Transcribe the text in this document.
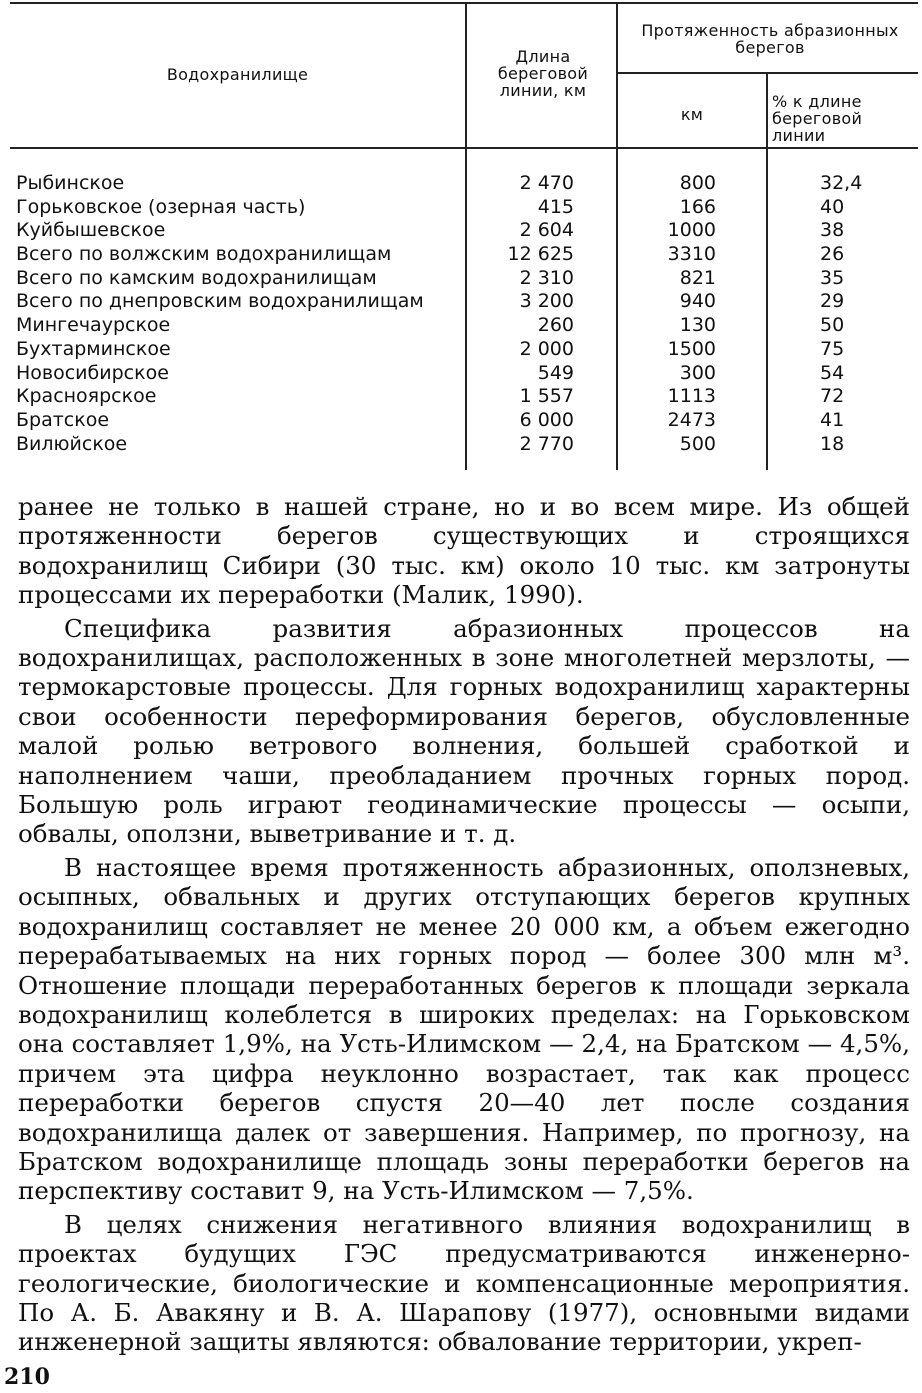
Водохранилище
Длина береговой линии, км
Протяженность абразионных берегов
км
% к длине береговой линии
Рыбинское	2 470	800	32,4
Горьковское (озерная часть)	415	166	40
Куйбышевское	2 604	1000	38
Всего по волжским водохранилищам	12 625	3310	26
Всего по камским водохранилищам	2 310	821	35
Всего по днепровским водохранилищам	3 200	940	29
Мингечаурское	260	130	50
Бухтарминское	2 000	1500	75
Новосибирское	549	300	54
Красноярское	1 557	1113	72
Братское	6 000	2473	41
Вилюйское	2 770	500	18

ранее не только в нашей стране, но и во всем мире. Из общей протяженности берегов существующих и строящихся водохранилищ Сибири (30 тыс. км) около 10 тыс. км затронуты процессами их переработки (Малик, 1990).

Специфика развития абразионных процессов на водохранилищах, расположенных в зоне многолетней мерзлоты, — термокарстовые процессы. Для горных водохранилищ характерны свои особенности переформирования берегов, обусловленные малой ролью ветрового волнения, большей сработкой и наполнением чаши, преобладанием прочных горных пород. Большую роль играют геодинамические процессы — осыпи, обвалы, оползни, выветривание и т. д.

В настоящее время протяженность абразионных, оползневых, осыпных, обвальных и других отступающих берегов крупных водохранилищ составляет не менее 20 000 км, а объем ежегодно перерабатываемых на них горных пород — более 300 млн м³. Отношение площади переработанных берегов к площади зеркала водохранилищ колеблется в широких пределах: на Горьковском она составляет 1,9%, на Усть-Илимском — 2,4, на Братском — 4,5%, причем эта цифра неуклонно возрастает, так как процесс переработки берегов спустя 20—40 лет после создания водохранилища далек от завершения. Например, по прогнозу, на Братском водохранилище площадь зоны переработки берегов на перспективу составит 9, на Усть-Илимском — 7,5%.

В целях снижения негативного влияния водохранилищ в проектах будущих ГЭС предусматриваются инженерно-геологические, биологические и компенсационные мероприятия. По А. Б. Авакяну и В. А. Шарапову (1977), основными видами инженерной защиты являются: обвалование территории, укреп-

210
